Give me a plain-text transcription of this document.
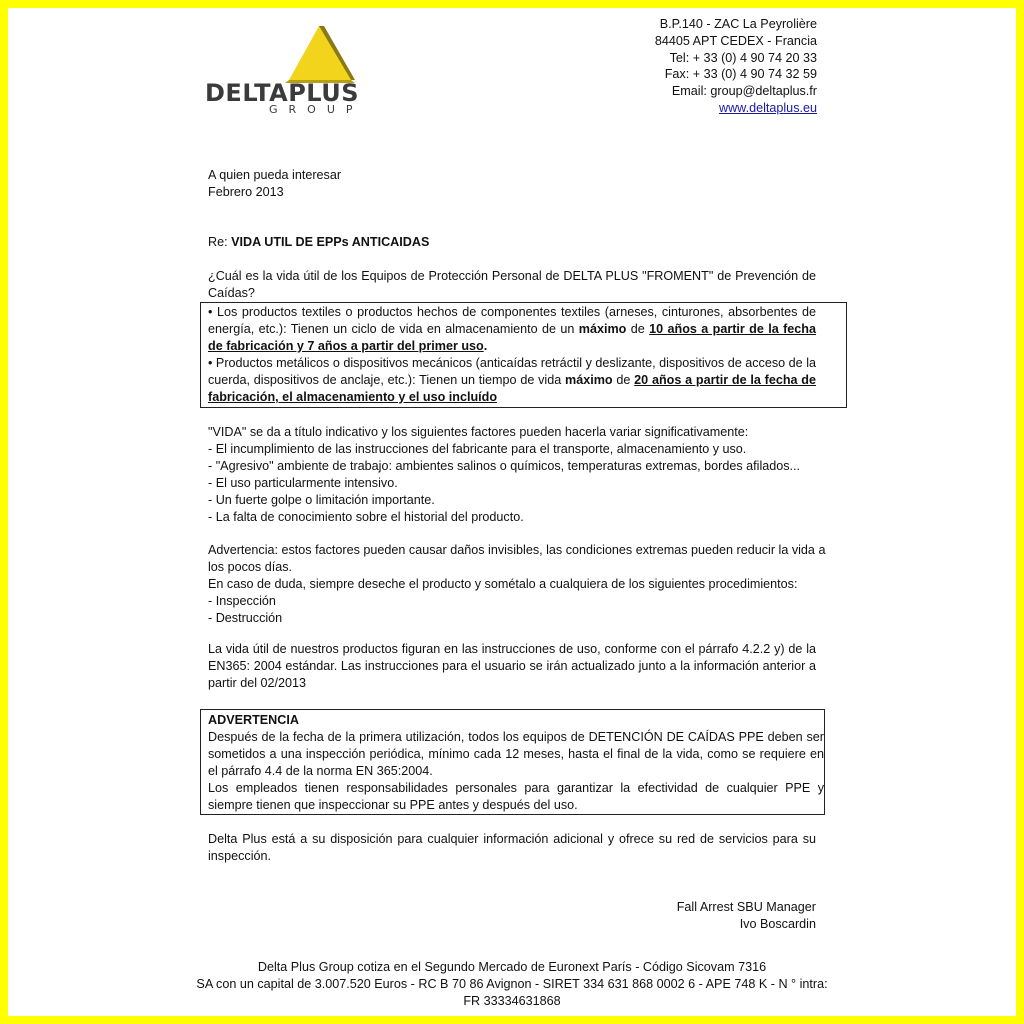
DELTAPLUS
GROUP
B.P.140 - ZAC La Peyrolière
84405 APT CEDEX - Francia
Tel: + 33 (0) 4 90 74 20 33
Fax: + 33 (0) 4 90 74 32 59
Email: group@deltaplus.fr
www.deltaplus.eu
A quien pueda interesar
Febrero 2013
Re: VIDA UTIL DE EPPs ANTICAIDAS
¿Cuál es la vida útil de los Equipos de Protección Personal de DELTA PLUS "FROMENT" de Prevención de Caídas?
• Los productos textiles o productos hechos de componentes textiles (arneses, cinturones, absorbentes de energía, etc.): Tienen un ciclo de vida en almacenamiento de un máximo de 10 años a partir de la fecha de fabricación y 7 años a partir del primer uso.
• Productos metálicos o dispositivos mecánicos (anticaídas retráctil y deslizante, dispositivos de acceso de la cuerda, dispositivos de anclaje, etc.): Tienen un tiempo de vida máximo de 20 años a partir de la fecha de fabricación, el almacenamiento y el uso incluído
"VIDA" se da a título indicativo y los siguientes factores pueden hacerla variar significativamente:
- El incumplimiento de las instrucciones del fabricante para el transporte, almacenamiento y uso.
- "Agresivo" ambiente de trabajo: ambientes salinos o químicos, temperaturas extremas, bordes afilados...
- El uso particularmente intensivo.
- Un fuerte golpe o limitación importante.
- La falta de conocimiento sobre el historial del producto.
Advertencia: estos factores pueden causar daños invisibles, las condiciones extremas pueden reducir la vida a
los pocos días.
En caso de duda, siempre deseche el producto y sométalo a cualquiera de los siguientes procedimientos:
- Inspección
- Destrucción
La vida útil de nuestros productos figuran en las instrucciones de uso, conforme con el párrafo 4.2.2 y) de la EN365: 2004 estándar. Las instrucciones para el usuario se irán actualizado junto a la información anterior a partir del 02/2013
ADVERTENCIA
Después de la fecha de la primera utilización, todos los equipos de DETENCIÓN DE CAÍDAS PPE deben ser sometidos a una inspección periódica, mínimo cada 12 meses, hasta el final de la vida, como se requiere en el párrafo 4.4 de la norma EN 365:2004.
Los empleados tienen responsabilidades personales para garantizar la efectividad de cualquier PPE y siempre tienen que inspeccionar su PPE antes y después del uso.
Delta Plus está a su disposición para cualquier información adicional y ofrece su red de servicios para su inspección.
Fall Arrest SBU Manager
Ivo Boscardin
Delta Plus Group cotiza en el Segundo Mercado de Euronext París - Código Sicovam 7316
SA con un capital de 3.007.520 Euros - RC B 70 86 Avignon - SIRET 334 631 868 0002 6 - APE 748 K - N ° intra:
FR 33334631868
